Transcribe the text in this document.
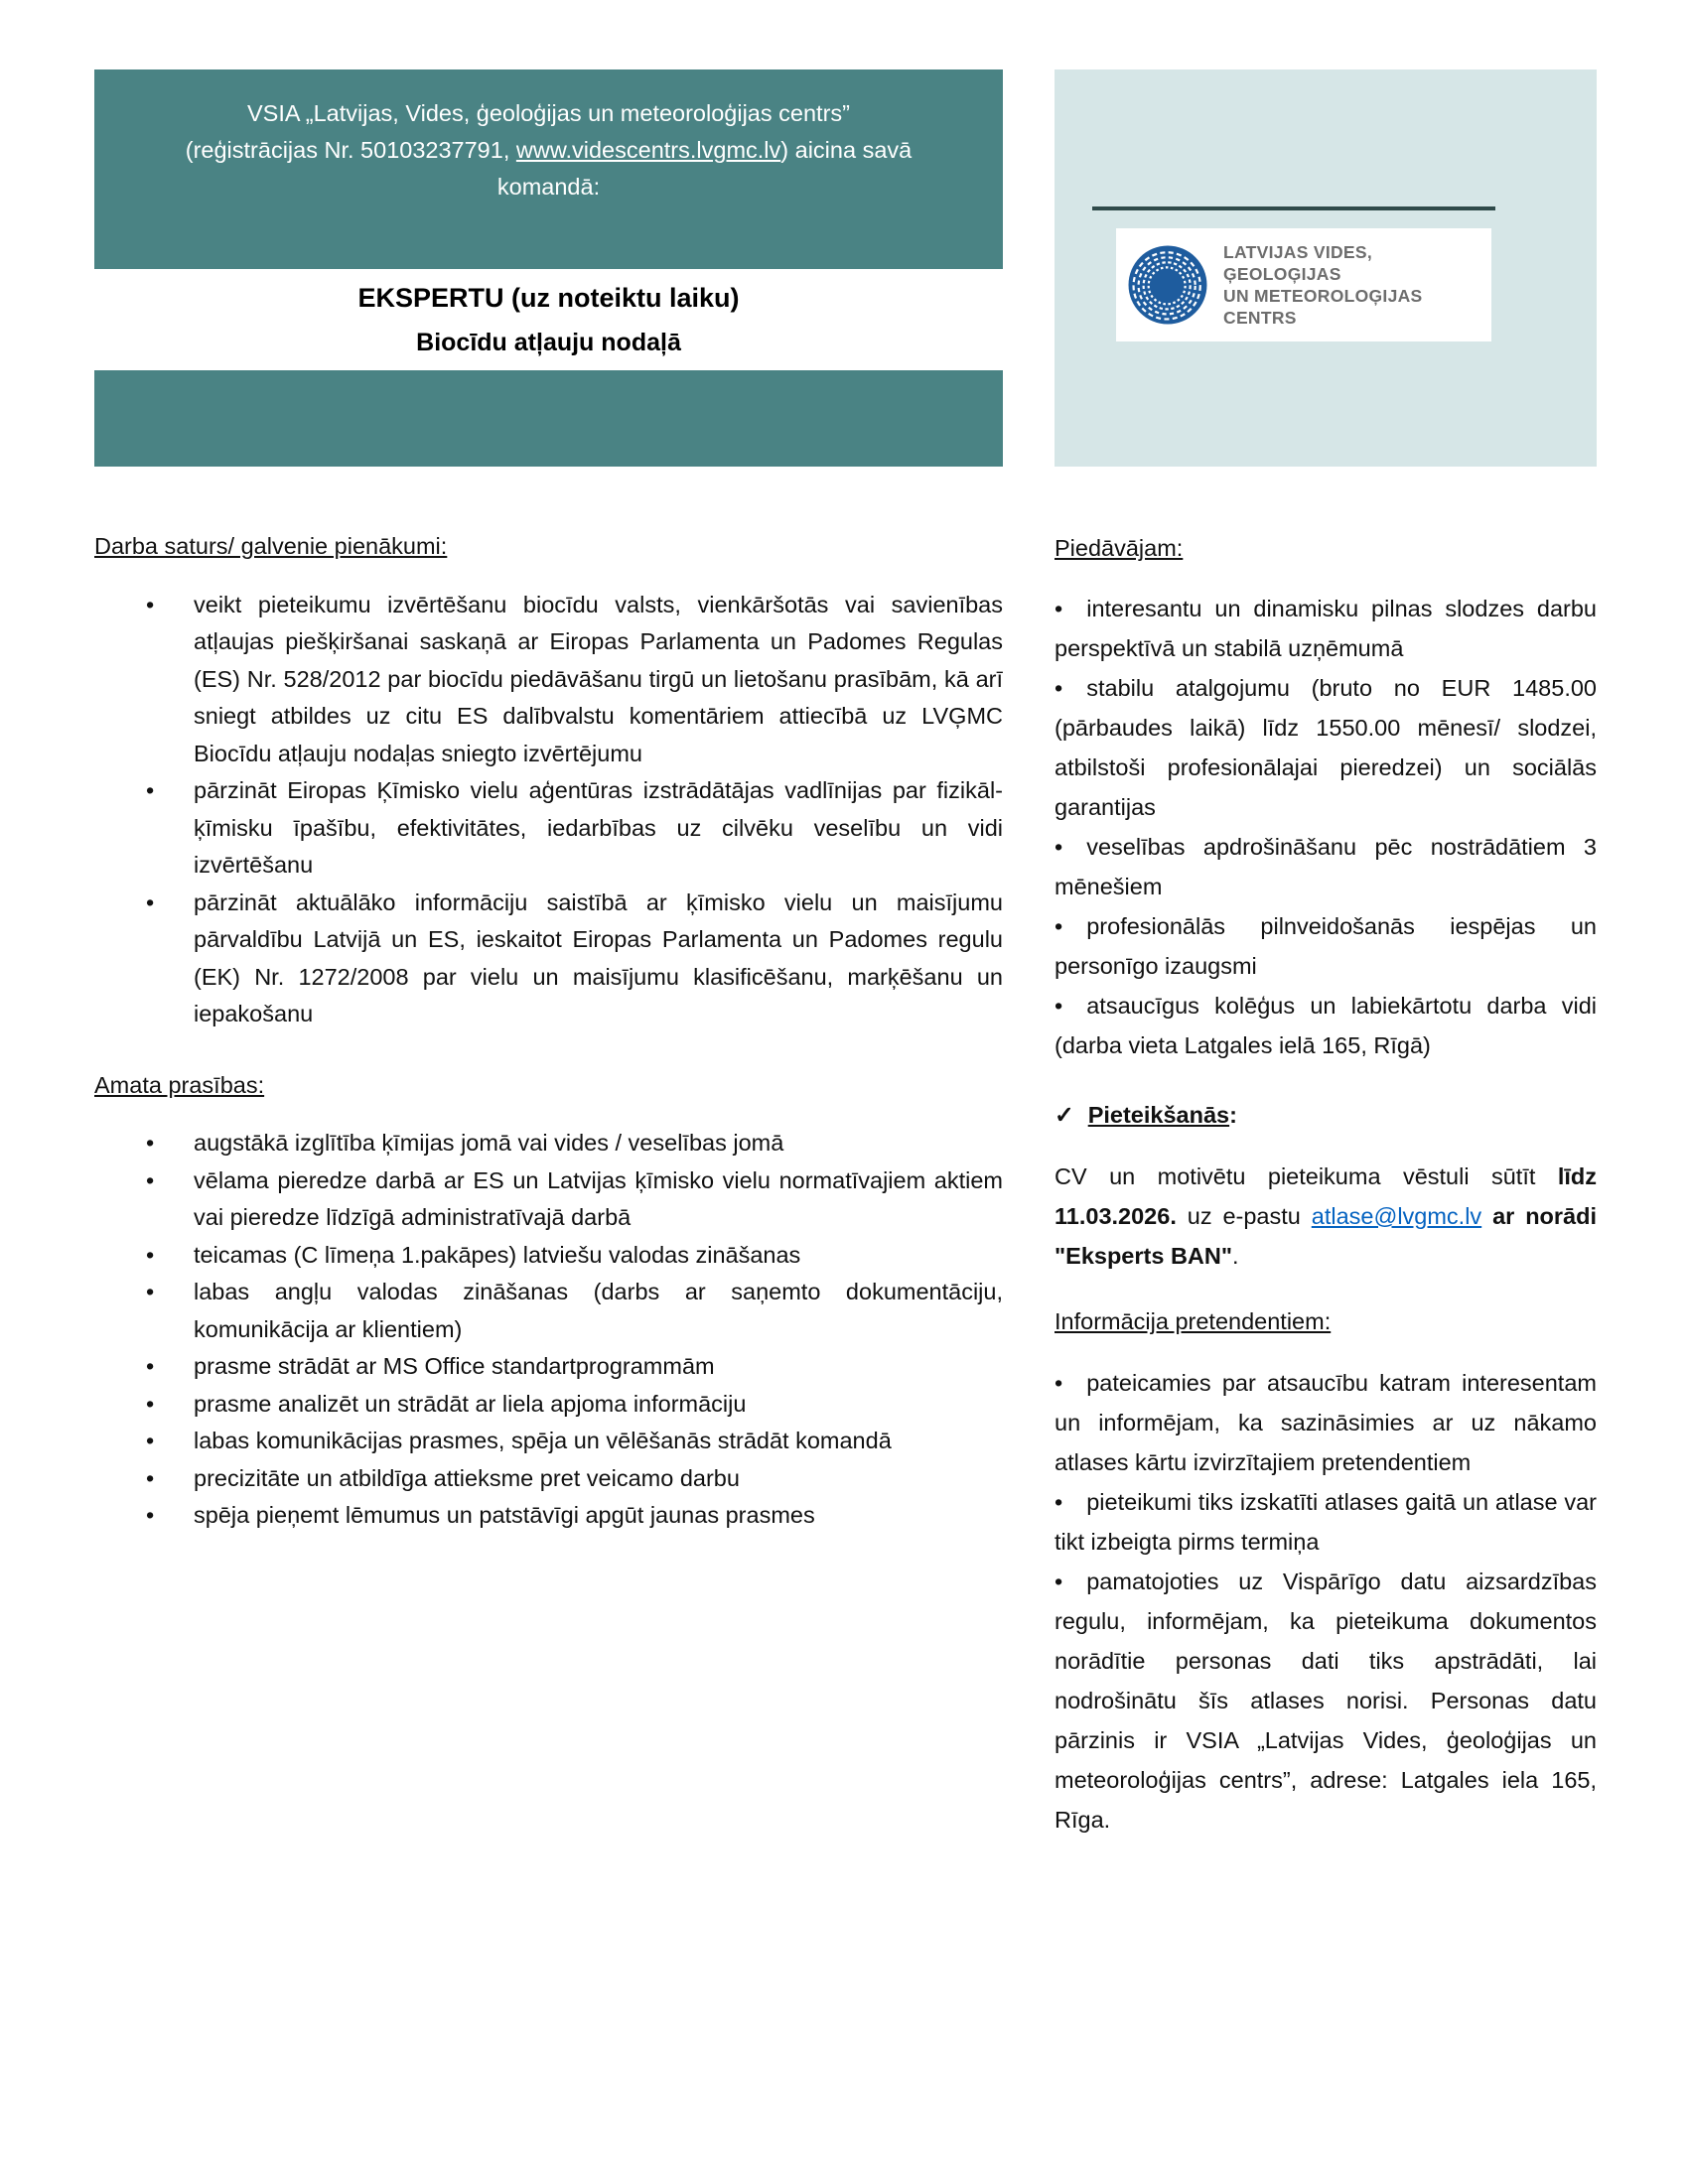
VSIA „Latvijas, Vides, ģeoloģijas un meteoroloģijas centrs”
(reģistrācijas Nr. 50103237791, www.videscentrs.lvgmc.lv) aicina savā
komandā:
EKSPERTU (uz noteiktu laiku)
Biocīdu atļauju nodaļā
LATVIJAS VIDES, ĢEOLOĢIJAS
UN METEOROLOĢIJAS CENTRS
Darba saturs/ galvenie pienākumi:
• veikt pieteikumu izvērtēšanu biocīdu valsts, vienkāršotās vai savienības atļaujas piešķiršanai saskaņā ar Eiropas Parlamenta un Padomes Regulas (ES) Nr. 528/2012 par biocīdu piedāvāšanu tirgū un lietošanu prasībām, kā arī sniegt atbildes uz citu ES dalībvalstu komentāriem attiecībā uz LVĢMC Biocīdu atļauju nodaļas sniegto izvērtējumu
• pārzināt Eiropas Ķīmisko vielu aģentūras izstrādātājas vadlīnijas par fizikāl-ķīmisku īpašību, efektivitātes, iedarbības uz cilvēku veselību un vidi izvērtēšanu
• pārzināt aktuālāko informāciju saistībā ar ķīmisko vielu un maisījumu pārvaldību Latvijā un ES, ieskaitot Eiropas Parlamenta un Padomes regulu (EK) Nr. 1272/2008 par vielu un maisījumu klasificēšanu, marķēšanu un iepakošanu
Amata prasības:
• augstākā izglītība ķīmijas jomā vai vides / veselības jomā
• vēlama pieredze darbā ar ES un Latvijas ķīmisko vielu normatīvajiem aktiem vai pieredze līdzīgā administratīvajā darbā
• teicamas (C līmeņa 1.pakāpes) latviešu valodas zināšanas
• labas angļu valodas zināšanas (darbs ar saņemto dokumentāciju, komunikācija ar klientiem)
• prasme strādāt ar MS Office standartprogrammām
• prasme analizēt un strādāt ar liela apjoma informāciju
• labas komunikācijas prasmes, spēja un vēlēšanās strādāt komandā
• precizitāte un atbildīga attieksme pret veicamo darbu
• spēja pieņemt lēmumus un patstāvīgi apgūt jaunas prasmes
Piedāvājam:
• interesantu un dinamisku pilnas slodzes darbu perspektīvā un stabilā uzņēmumā
• stabilu atalgojumu (bruto no EUR 1485.00 (pārbaudes laikā) līdz 1550.00 mēnesī/ slodzei, atbilstoši profesionālajai pieredzei) un sociālās garantijas
• veselības apdrošināšanu pēc nostrādātiem 3 mēnešiem
• profesionālās pilnveidošanās iespējas un personīgo izaugsmi
• atsaucīgus kolēģus un labiekārtotu darba vidi (darba vieta Latgales ielā 165, Rīgā)
✓ Pieteikšanās:
CV un motivētu pieteikuma vēstuli sūtīt līdz 11.03.2026. uz e-pastu atlase@lvgmc.lv ar norādi "Eksperts BAN".
Informācija pretendentiem:
• pateicamies par atsaucību katram interesentam un informējam, ka sazināsimies ar uz nākamo atlases kārtu izvirzītajiem pretendentiem
• pieteikumi tiks izskatīti atlases gaitā un atlase var tikt izbeigta pirms termiņa
• pamatojoties uz Vispārīgo datu aizsardzības regulu, informējam, ka pieteikuma dokumentos norādītie personas dati tiks apstrādāti, lai nodrošinātu šīs atlases norisi. Personas datu pārzinis ir VSIA „Latvijas Vides, ģeoloģijas un meteoroloģijas centrs”, adrese: Latgales iela 165, Rīga.
